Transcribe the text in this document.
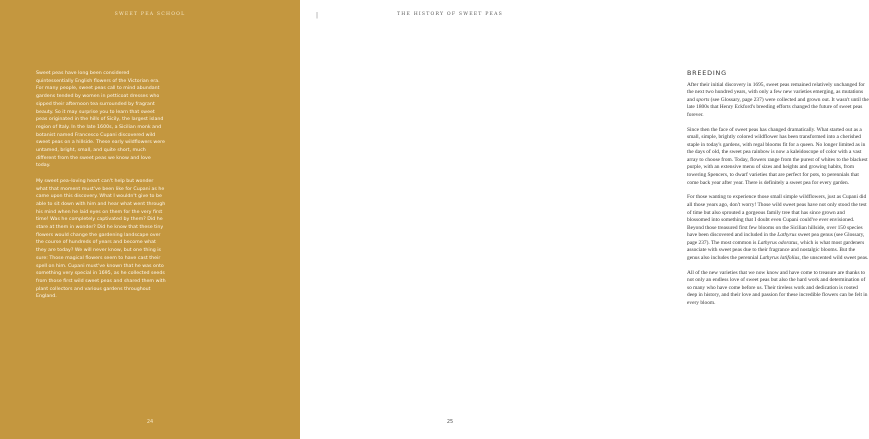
SWEET PEA SCHOOL

Sweet peas have long been considered quintessentially English flowers of the Victorian era. For many people, sweet peas call to mind abundant gardens tended by women in petticoat dresses who sipped their afternoon tea surrounded by fragrant beauty. So it may surprise you to learn that sweet peas originated in the hills of Sicily, the largest island region of Italy. In the late 1600s, a Sicilian monk and botanist named Francesco Cupani discovered wild sweet peas on a hillside. These early wildflowers were untamed, bright, small, and quite short, much different from the sweet peas we know and love today.

My sweet pea–loving heart can't help but wonder what that moment must've been like for Cupani as he came upon this discovery. What I wouldn't give to be able to sit down with him and hear what went through his mind when he laid eyes on them for the very first time! Was he completely captivated by them? Did he stare at them in wonder? Did he know that these tiny flowers would change the gardening landscape over the course of hundreds of years and become what they are today? We will never know, but one thing is sure: Those magical flowers seem to have cast their spell on him. Cupani must've known that he was onto something very special in 1695, as he collected seeds from those first wild sweet peas and shared them with plant collectors and various gardens throughout England.

24
THE HISTORY OF SWEET PEAS
BREEDING

After their initial discovery in 1695, sweet peas remained relatively unchanged for the next two hundred years, with only a few new varieties emerging, as mutations and sports (see Glossary, page 237) were collected and grown out. It wasn't until the late 1800s that Henry Eckford's breeding efforts changed the future of sweet peas forever.

Since then the face of sweet peas has changed dramatically. What started out as a small, simple, brightly colored wildflower has been transformed into a cherished staple in today's gardens, with regal blooms fit for a queen. No longer limited as in the days of old, the sweet pea rainbow is now a kaleidoscope of color with a vast array to choose from. Today, flowers range from the purest of whites to the blackest purple, with an extensive menu of sizes and heights and growing habits, from towering Spencers, to dwarf varieties that are perfect for pots, to perennials that come back year after year. There is definitely a sweet pea for every garden.

For those wanting to experience those small simple wildflowers, just as Cupani did all those years ago, don't worry! Those wild sweet peas have not only stood the test of time but also sprouted a gorgeous family tree that has since grown and blossomed into something that I doubt even Cupani could've ever envisioned. Beyond those treasured first few blooms on the Sicilian hillside, over 150 species have been discovered and included in the Lathyrus sweet pea genus (see Glossary, page 237). The most common is Lathyrus odoratus, which is what most gardeners associate with sweet peas due to their fragrance and nostalgic blooms. But the genus also includes the perennial Lathyrus latifolius, the unscented wild sweet peas.

All of the new varieties that we now know and have come to treasure are thanks to not only an endless love of sweet peas but also the hard work and determination of so many who have come before us. Their tireless work and dedication is rooted deep in history, and their love and passion for these incredible flowers can be felt in every bloom.

25
|
